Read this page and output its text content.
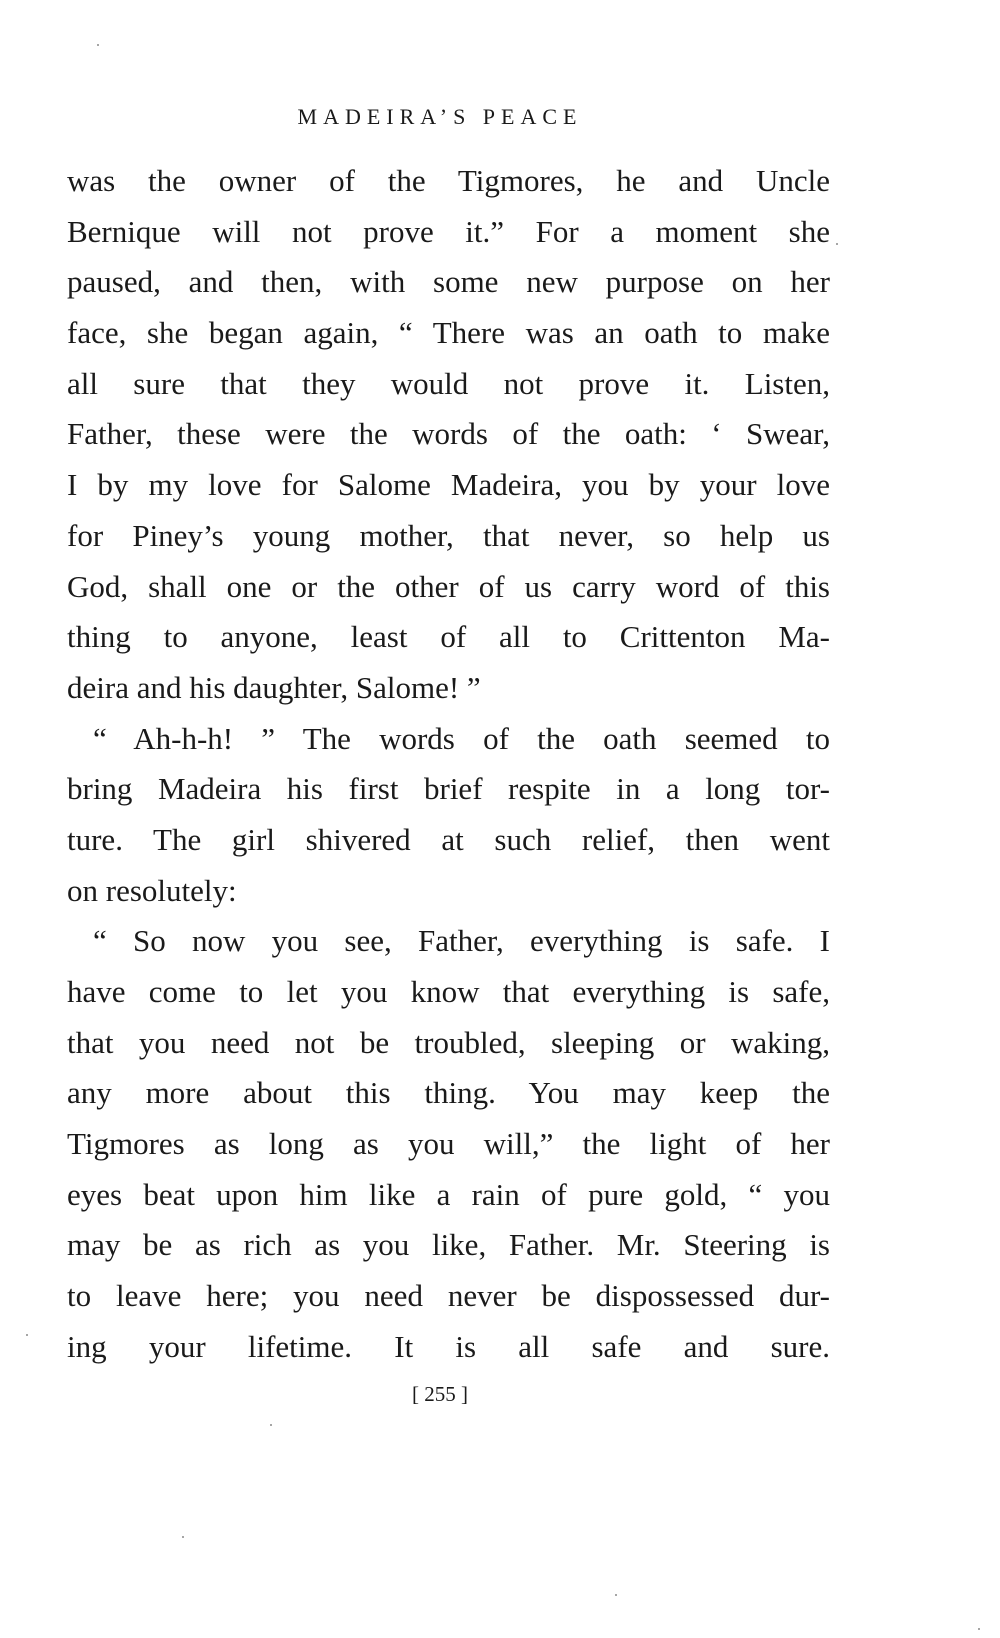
MADEIRA’S PEACE
was the owner of the Tigmores, he and Uncle
Bernique will not prove it.” For a moment she
paused, and then, with some new purpose on her
face, she began again, “ There was an oath to make
all sure that they would not prove it. Listen,
Father, these were the words of the oath: ‘ Swear,
I by my love for Salome Madeira, you by your love
for Piney’s young mother, that never, so help us
God, shall one or the other of us carry word of this
thing to anyone, least of all to Crittenton Ma-
deira and his daughter, Salome! ”
“ Ah-h-h! ” The words of the oath seemed to
bring Madeira his first brief respite in a long tor-
ture. The girl shivered at such relief, then went
on resolutely:
“ So now you see, Father, everything is safe. I
have come to let you know that everything is safe,
that you need not be troubled, sleeping or waking,
any more about this thing. You may keep the
Tigmores as long as you will,” the light of her
eyes beat upon him like a rain of pure gold, “ you
may be as rich as you like, Father. Mr. Steering is
to leave here; you need never be dispossessed dur-
ing your lifetime. It is all safe and sure.
[ 255 ]
